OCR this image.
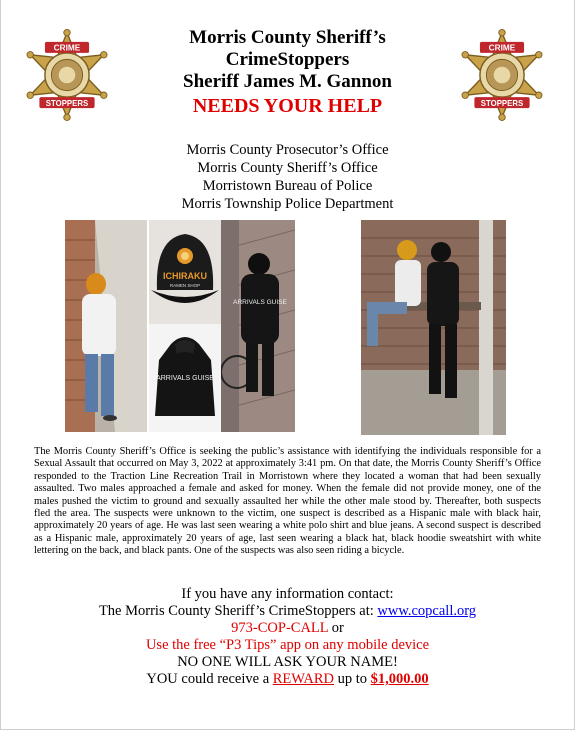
CRIME
STOPPERS
CRIME
STOPPERS
Morris County Sheriff’s
CrimeStoppers
Sheriff James M. Gannon
NEEDS YOUR HELP
Morris County Prosecutor’s Office
Morris County Sheriff’s Office
Morristown Bureau of Police
Morris Township Police Department
ICHIRAKU
RAMEN SHOP
ARRIVALS GUISE
ARRIVALS GUISE
The Morris County Sheriff’s Office is seeking the public’s assistance with identifying the individuals responsible for a Sexual Assault that occurred on May 3, 2022 at approximately 3:41 pm. On that date, the Morris County Sheriff’s Office responded to the Traction Line Recreation Trail in Morristown where they located a woman that had been sexually assaulted. Two males approached a female and asked for money. When the female did not provide money, one of the males pushed the victim to ground and sexually assaulted her while the other male stood by. Thereafter, both suspects fled the area. The suspects were unknown to the victim, one suspect is described as a Hispanic male with black hair, approximately 20 years of age. He was last seen wearing a white polo shirt and blue jeans. A second suspect is described as a Hispanic male, approximately 20 years of age, last seen wearing a black hat, black hoodie sweatshirt with white lettering on the back, and black pants. One of the suspects was also seen riding a bicycle.
If you have any information contact:
The Morris County Sheriff’s CrimeStoppers at: www.copcall.org
973-COP-CALL or
Use the free “P3 Tips” app on any mobile device
NO ONE WILL ASK YOUR NAME!
YOU could receive a REWARD up to $1,000.00
